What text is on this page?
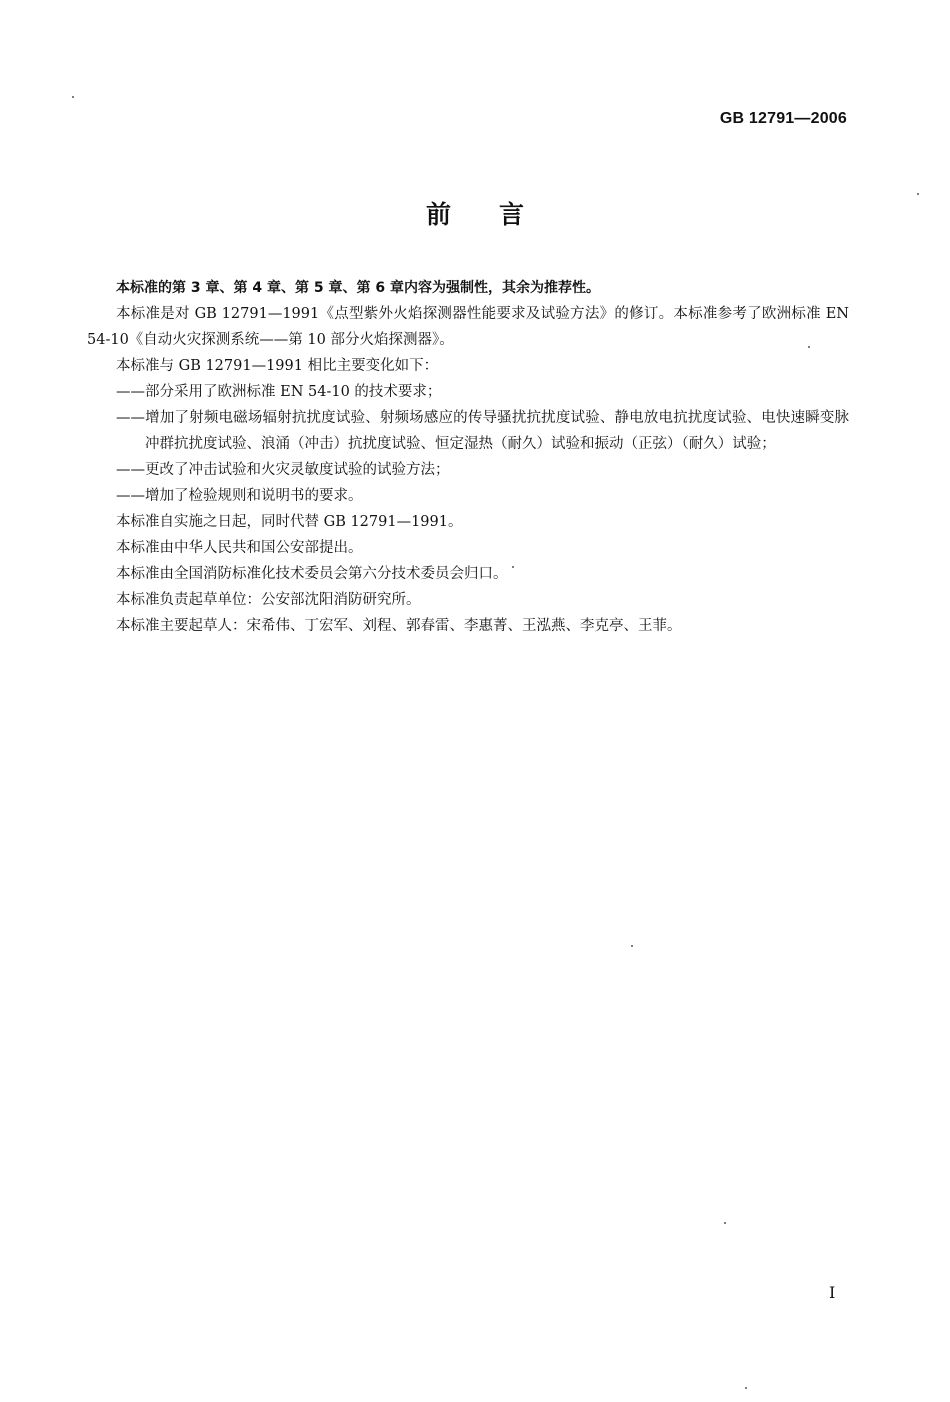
GB 12791—2006
前言

本标准的第 3 章、第 4 章、第 5 章、第 6 章内容为强制性，其余为推荐性。

本标准是对 GB 12791—1991《点型紫外火焰探测器性能要求及试验方法》的修订。本标准参考了欧洲标准 EN 54-10《自动火灾探测系统——第 10 部分火焰探测器》。

本标准与 GB 12791—1991 相比主要变化如下：

——部分采用了欧洲标准 EN 54-10 的技术要求；

——增加了射频电磁场辐射抗扰度试验、射频场感应的传导骚扰抗扰度试验、静电放电抗扰度试验、电快速瞬变脉冲群抗扰度试验、浪涌（冲击）抗扰度试验、恒定湿热（耐久）试验和振动（正弦）（耐久）试验；

——更改了冲击试验和火灾灵敏度试验的试验方法；

——增加了检验规则和说明书的要求。

本标准自实施之日起，同时代替 GB 12791—1991。

本标准由中华人民共和国公安部提出。

本标准由全国消防标准化技术委员会第六分技术委员会归口。

本标准负责起草单位：公安部沈阳消防研究所。

本标准主要起草人：宋希伟、丁宏军、刘程、郭春雷、李惠菁、王泓燕、李克亭、王菲。

I
